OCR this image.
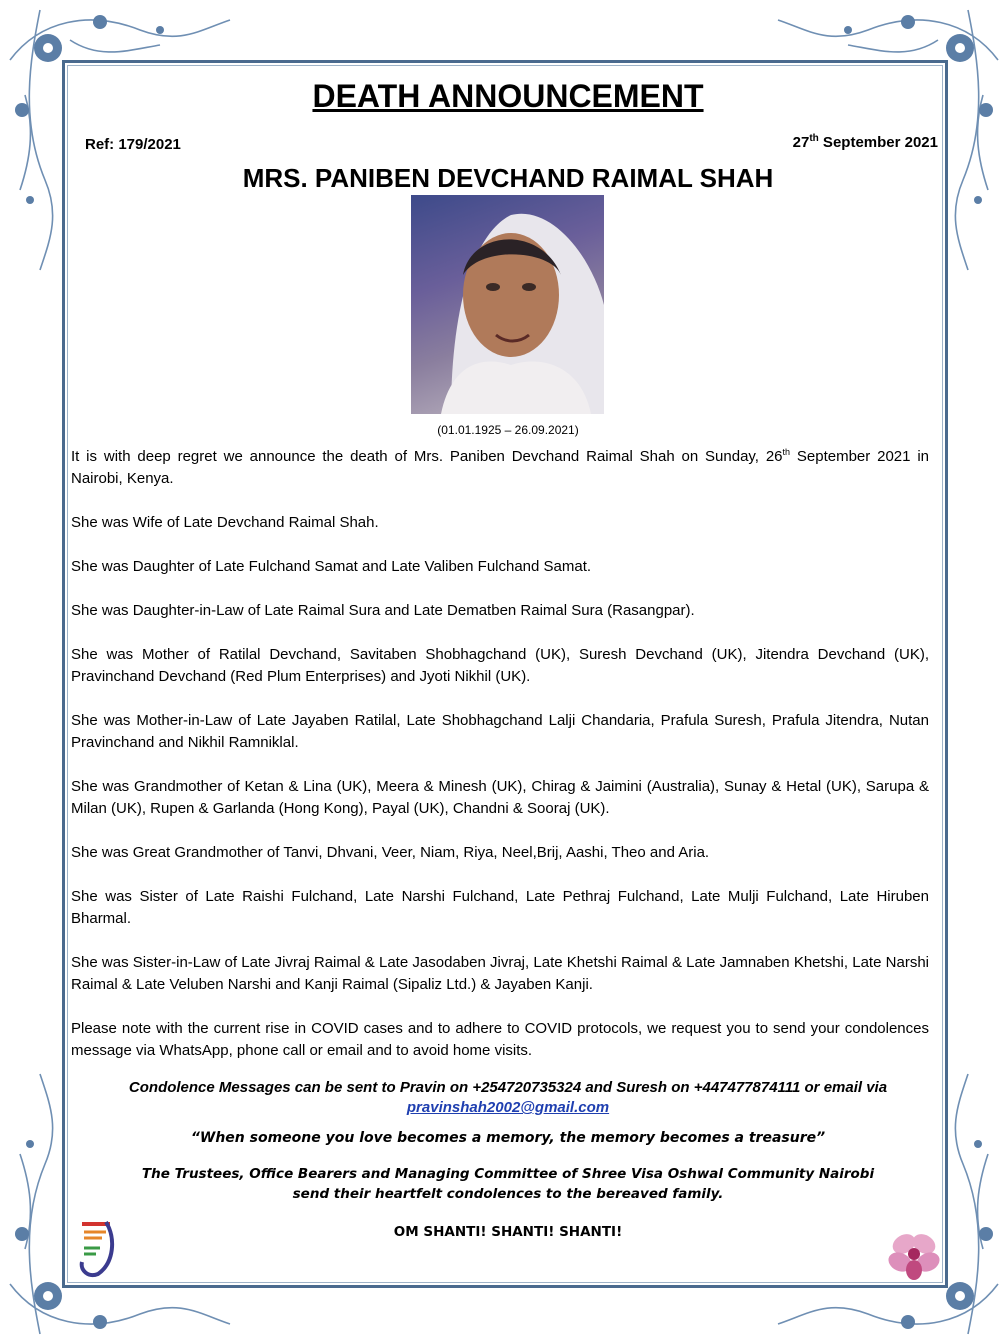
DEATH ANNOUNCEMENT
Ref: 179/2021	27th September 2021
MRS. PANIBEN DEVCHAND RAIMAL SHAH
(01.01.1925 – 26.09.2021)

It is with deep regret we announce the death of Mrs. Paniben Devchand Raimal Shah on Sunday, 26th September 2021 in Nairobi, Kenya.

She was Wife of Late Devchand Raimal Shah.

She was Daughter of Late Fulchand Samat and Late Valiben Fulchand Samat.

She was Daughter-in-Law of Late Raimal Sura and Late Dematben Raimal Sura (Rasangpar).

She was Mother of Ratilal Devchand, Savitaben Shobhagchand (UK), Suresh Devchand (UK), Jitendra Devchand (UK), Pravinchand Devchand (Red Plum Enterprises) and Jyoti Nikhil (UK).

She was Mother-in-Law of Late Jayaben Ratilal, Late Shobhagchand Lalji Chandaria, Prafula Suresh, Prafula Jitendra, Nutan Pravinchand and Nikhil Ramniklal.

She was Grandmother of Ketan & Lina (UK), Meera & Minesh (UK), Chirag & Jaimini (Australia), Sunay & Hetal (UK), Sarupa & Milan (UK), Rupen & Garlanda (Hong Kong), Payal (UK), Chandni & Sooraj (UK).

She was Great Grandmother of Tanvi, Dhvani, Veer, Niam, Riya, Neel,Brij, Aashi, Theo and Aria.

She was Sister of Late Raishi Fulchand, Late Narshi Fulchand, Late Pethraj Fulchand, Late Mulji Fulchand, Late Hiruben Bharmal.

She was Sister-in-Law of Late Jivraj Raimal & Late Jasodaben Jivraj, Late Khetshi Raimal & Late Jamnaben Khetshi, Late Narshi Raimal & Late Veluben Narshi and Kanji Raimal (Sipaliz Ltd.) & Jayaben Kanji.

Please note with the current rise in COVID cases and to adhere to COVID protocols, we request you to send your condolences message via WhatsApp, phone call or email and to avoid home visits.

Condolence Messages can be sent to Pravin on +254720735324 and Suresh on +447477874111 or email via
pravinshah2002@gmail.com
“When someone you love becomes a memory, the memory becomes a treasure”
The Trustees, Office Bearers and Managing Committee of Shree Visa Oshwal Community Nairobi
send their heartfelt condolences to the bereaved family.
OM SHANTI! SHANTI! SHANTI!
